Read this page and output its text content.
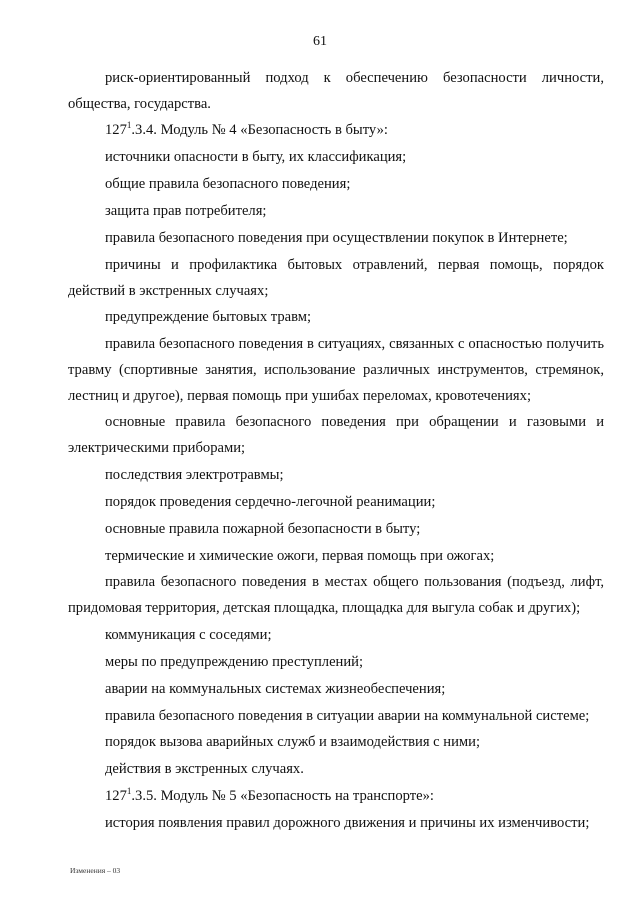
61

риск-ориентированный подход к обеспечению безопасности личности, общества, государства.

$127^1.3.4$. Модуль № 4 «Безопасность в быту»:

источники опасности в быту, их классификация;

общие правила безопасного поведения;

защита прав потребителя;

правила безопасного поведения при осуществлении покупок в Интернете;

причины и профилактика бытовых отравлений, первая помощь, порядок действий в экстренных случаях;

предупреждение бытовых травм;

правила безопасного поведения в ситуациях, связанных с опасностью получить травму (спортивные занятия, использование различных инструментов, стремянок, лестниц и другое), первая помощь при ушибах переломах, кровотечениях;

основные правила безопасного поведения при обращении и газовыми и электрическими приборами;

последствия электротравмы;

порядок проведения сердечно-легочной реанимации;

основные правила пожарной безопасности в быту;

термические и химические ожоги, первая помощь при ожогах;

правила безопасного поведения в местах общего пользования (подъезд, лифт, придомовая территория, детская площадка, площадка для выгула собак и других);

коммуникация с соседями;

меры по предупреждению преступлений;

аварии на коммунальных системах жизнеобеспечения;

правила безопасного поведения в ситуации аварии на коммунальной системе;

порядок вызова аварийных служб и взаимодействия с ними;

действия в экстренных случаях.

$127^1.3.5$. Модуль № 5 «Безопасность на транспорте»:

история появления правил дорожного движения и причины их изменчивости;

Изменения – 03
